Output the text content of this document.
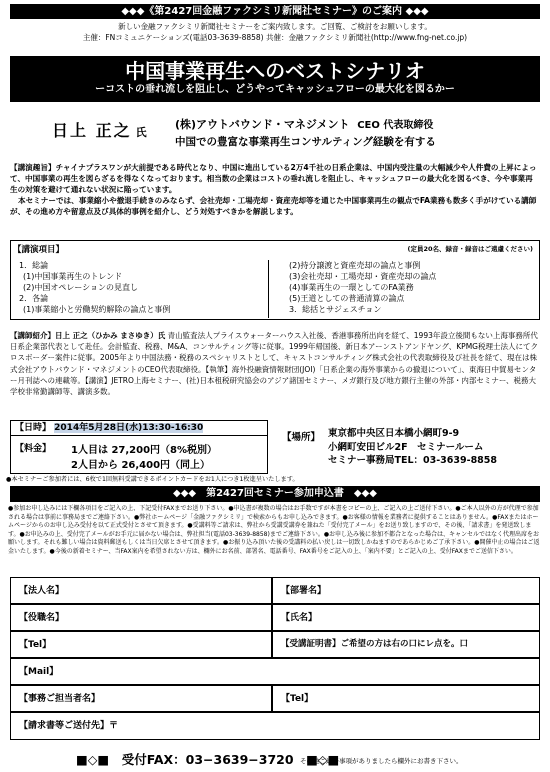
◆◆◆《第2427回金融ファクシミリ新聞社セミナー》のご案内 ◆◆◆
新しい金融ファクシミリ新聞社セミナーをご案内致します。ご回覧、ご検討をお願いします。
主催：FNコミュニケーションズ(電話03-3639-8858) 共催：金融ファクシミリ新聞社(http://www.fng-net.co.jp)
中国事業再生へのベストシナリオ
ーコストの垂れ流しを阻止し、どうやってキャッシュフローの最大化を図るかー
日上 正之 氏
(株)アウトバウンド・マネジメント CEO 代表取締役
中国での豊富な事業再生コンサルティング経験を有する
【講演趣旨】チャイナプラスワンが大前提である時代となり、中国に進出している2万4千社の日系企業は、中国内受注量の大幅減少や人件費の上昇によって、中国事業の再生を図らざるを得なくなっております。相当数の企業はコストの垂れ流しを阻止し、キャッシュフローの最大化を図るべき、今や事業再生の対策を避けて通れない状況に陥っています。
本セミナーでは、事業縮小や撤退手続きのみならず、会社売却・工場売却・資産売却等を通じた中国事業再生の観点でFA業務も数多く手がけている講師が、その進め方や留意点及び具体的事例を紹介し、どう対処すべきかを解説します。
【講演項目】	(定員20名、録音・録音はご遠慮ください)
1．総論
(1)中国事業再生のトレンド
(2)中国オペレーションの見直し
2．各論
(1)事業縮小と労働契約解除の論点と事例
(2)持分譲渡と資産売却の論点と事例
(3)会社売却・工場売却・資産売却の論点
(4)事業再生の一環としてのFA業務
(5)王道としての普通清算の論点
3．総括とサジェスチョン
【講師紹介】日上 正之（ひかみ まさゆき）氏 青山監査法人プライスウォーターハウス入社後、香港事務所出向を経て、1993年設立後間もない上海事務所代日系企業部代表として赴任。会計監査、税務、M&A、コンサルティング等に従事。1999年帰国後、新日本アーンストアンドヤング、KPMG税理士法人にてクロスボーダー案件に従事。2005年より中国法務・税務のスペシャリストとして、キャストコンサルティング株式会社の代表取締役及び社長を経て、現在は株式会社アウトバウンド・マネジメントのCEO代表取締役。【執筆】海外投融資情報財団(JOI)「日系企業の海外事業からの撤退について」、東海日中貿易センター月刊誌への連載等。【講演】JETRO上海セミナー、(社)日本租税研究協会のアジア諸国セミナー、メガ銀行及び地方銀行主催の外部・内部セミナー、税務大学校非常勤講師等、講演多数。
【日時】 2014年5月28日(水)13:30-16:30
【料金】 1人目は 27,200円（8%税別）
2人目から 26,400円（同上）
【場所】 東京都中央区日本橋小網町9-9
小網町安田ビル2F　セミナールーム
セミナー事務局TEL：03-3639-8858
●本セミナーご参加者には、6枚で1回無料受講できるポイントカードをお1人につき1枚進呈いたします。
◆◆◆　第2427回セミナー参加申込書　◆◆◆
●参加お申し込みには下欄各項目をご記入の上、下記受付FAXまでお送り下さい。●申込書が複数の場合はお手数ですが本書をコピーの上、ご記入の上ご送付下さい。●ご本人以外の方が代理で参加される場合は事前に事務局までご連絡下さい。●弊社ホームページ「金融ファクシミリ」で検索からもお申し込みできます。●お客様の情報を業務者に提供することはありません。●FAXまたはホームページからのお申し込み受付を以て正式受付とさせて頂きます。●受講料等ご請求は、弊社から受講受講券を兼ねた「受付完了メール」をお送り致しますので、その後、「請求書」を発送致します。●お申込みの上、受付完了メールがお手元に届かない場合は、弊社担当(電話03-3639-8858)までご連絡下さい。●お申し込み後に参加不都合となった場合は、キャンセルではなく代理出席をお願いします。それも難しい場合は資料郵送もしくは当日欠席とさせて頂きます。●お振り込み頂いた後の受講料の払い戻しは一切致しかねますのであらかじめご了承下さい。●開催中止の場合はご返金いたします。●今後の新着セミナー、当FAX案内を希望されない方は、欄外にお名前、部署名、電話番号、FAX番号をご記入の上、「案内不要」とご記入の上、受付FAXまでご送信下さい。
【法人名】	【部署名】
【役職名】	【氏名】
【Tel】	【受講証明書】ご希望の方は右の口にレ点を。口
【Mail】
【事務ご担当者名】	【Tel】
【請求書等ご送付先】〒
■◇■　受付FAX：03−3639−3720　■◇■
その他ご連絡事項がありましたら欄外にお書き下さい。
